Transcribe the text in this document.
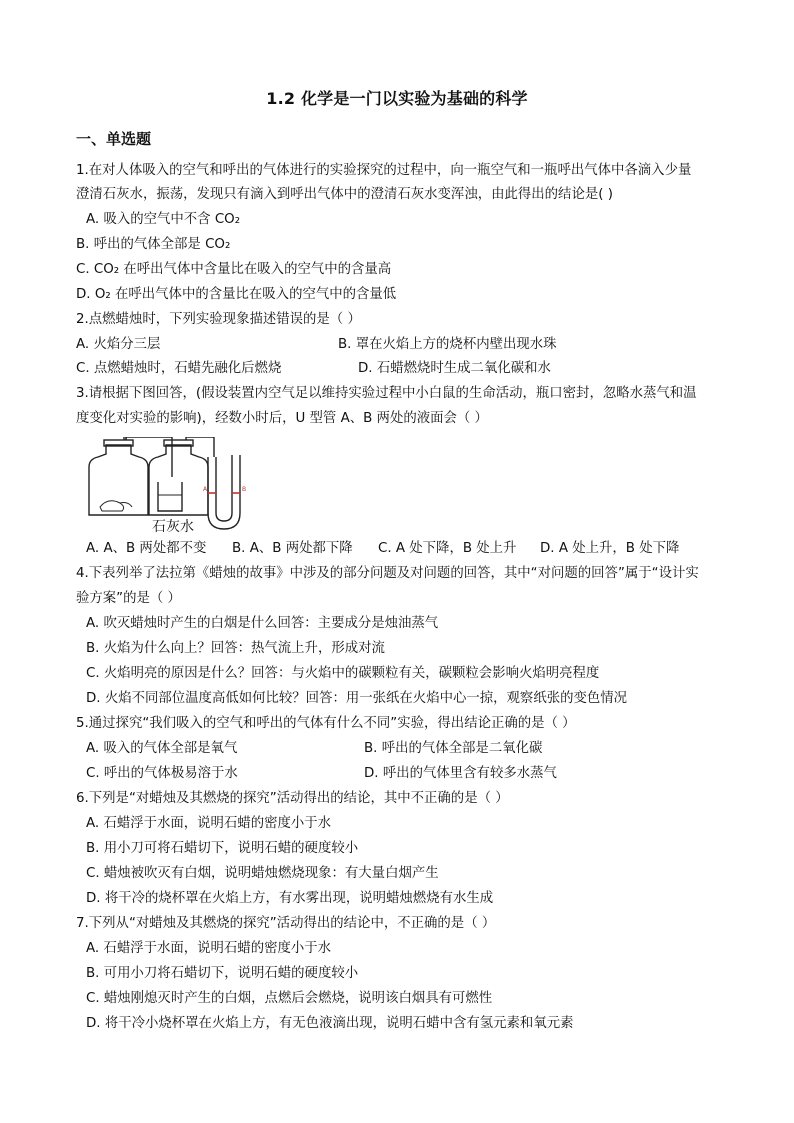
1.2 化学是一门以实验为基础的科学
一、单选题
1.在对人体吸入的空气和呼出的气体进行的实验探究的过程中，向一瓶空气和一瓶呼出气体中各滴入少量
澄清石灰水，振荡，发现只有滴入到呼出气体中的澄清石灰水变浑浊，由此得出的结论是( )
A. 吸入的空气中不含 CO₂
B. 呼出的气体全部是 CO₂
C. CO₂ 在呼出气体中含量比在吸入的空气中的含量高
D. O₂ 在呼出气体中的含量比在吸入的空气中的含量低
2.点燃蜡烛时，下列实验现象描述错误的是（ ）
A. 火焰分三层	B. 罩在火焰上方的烧杯内壁出现水珠
C. 点燃蜡烛时，石蜡先融化后燃烧	D. 石蜡燃烧时生成二氧化碳和水
3.请根据下图回答，(假设装置内空气足以维持实验过程中小白鼠的生命活动，瓶口密封，忽略水蒸气和温
度变化对实验的影响)，经数小时后，U 型管 A、B 两处的液面会（ ）
A	B
石灰水
A. A、B 两处都不变 B. A、B 两处都下降 C. A 处下降，B 处上升 D. A 处上升，B 处下降
4.下表列举了法拉第《蜡烛的故事》中涉及的部分问题及对问题的回答，其中“对问题的回答”属于“设计实
验方案”的是（ ）
A. 吹灭蜡烛时产生的白烟是什么回答：主要成分是烛油蒸气
B. 火焰为什么向上？回答：热气流上升，形成对流
C. 火焰明亮的原因是什么？回答：与火焰中的碳颗粒有关，碳颗粒会影响火焰明亮程度
D. 火焰不同部位温度高低如何比较？回答：用一张纸在火焰中心一掠，观察纸张的变色情况
5.通过探究“我们吸入的空气和呼出的气体有什么不同”实验，得出结论正确的是（ ）
A. 吸入的气体全部是氧气	B. 呼出的气体全部是二氧化碳
C. 呼出的气体极易溶于水	D. 呼出的气体里含有较多水蒸气
6.下列是“对蜡烛及其燃烧的探究”活动得出的结论，其中不正确的是（ ）
A. 石蜡浮于水面，说明石蜡的密度小于水
B. 用小刀可将石蜡切下，说明石蜡的硬度较小
C. 蜡烛被吹灭有白烟，说明蜡烛燃烧现象：有大量白烟产生
D. 将干冷的烧杯罩在火焰上方，有水雾出现，说明蜡烛燃烧有水生成
7.下列从“对蜡烛及其燃烧的探究”活动得出的结论中，不正确的是（ ）
A. 石蜡浮于水面，说明石蜡的密度小于水
B. 可用小刀将石蜡切下，说明石蜡的硬度较小
C. 蜡烛刚熄灭时产生的白烟，点燃后会燃烧，说明该白烟具有可燃性
D. 将干冷小烧杯罩在火焰上方，有无色液滴出现，说明石蜡中含有氢元素和氧元素
